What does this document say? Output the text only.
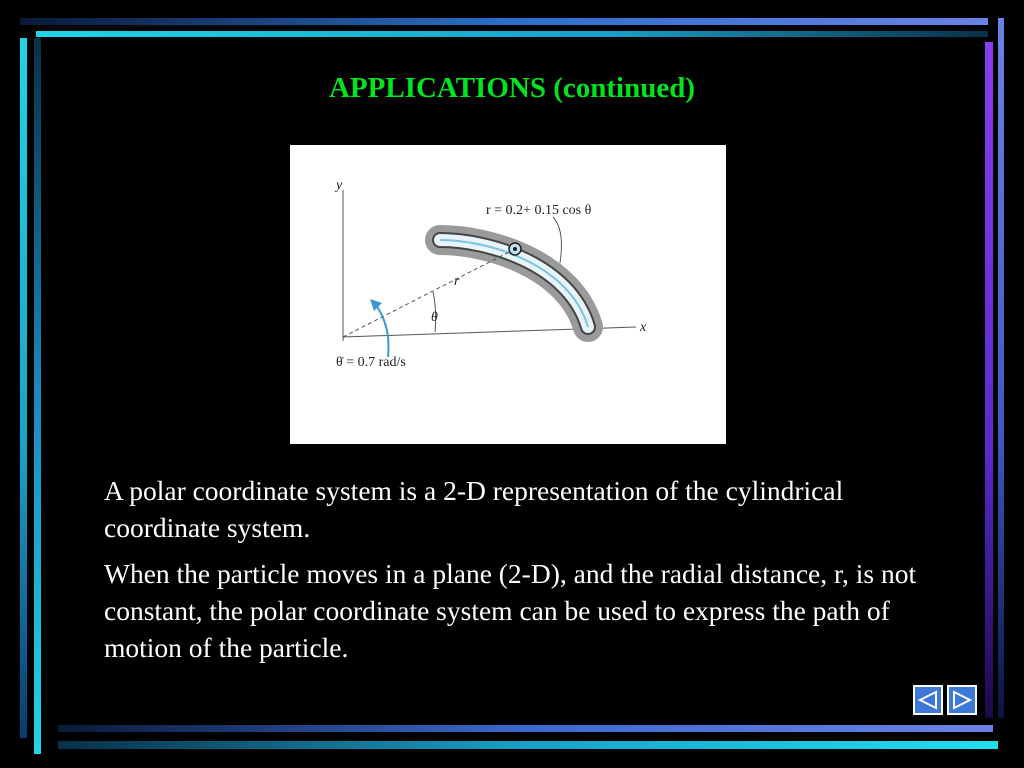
APPLICATIONS (continued)
y
x
r
θ
r = 0.2+ 0.15 cos θ
θ̇ = 0.7 rad/s

A polar coordinate system is a 2-D representation of the cylindrical coordinate system.

When the particle moves in a plane (2-D), and the radial distance, r, is not constant, the polar coordinate system can be used to express the path of motion of the particle.
